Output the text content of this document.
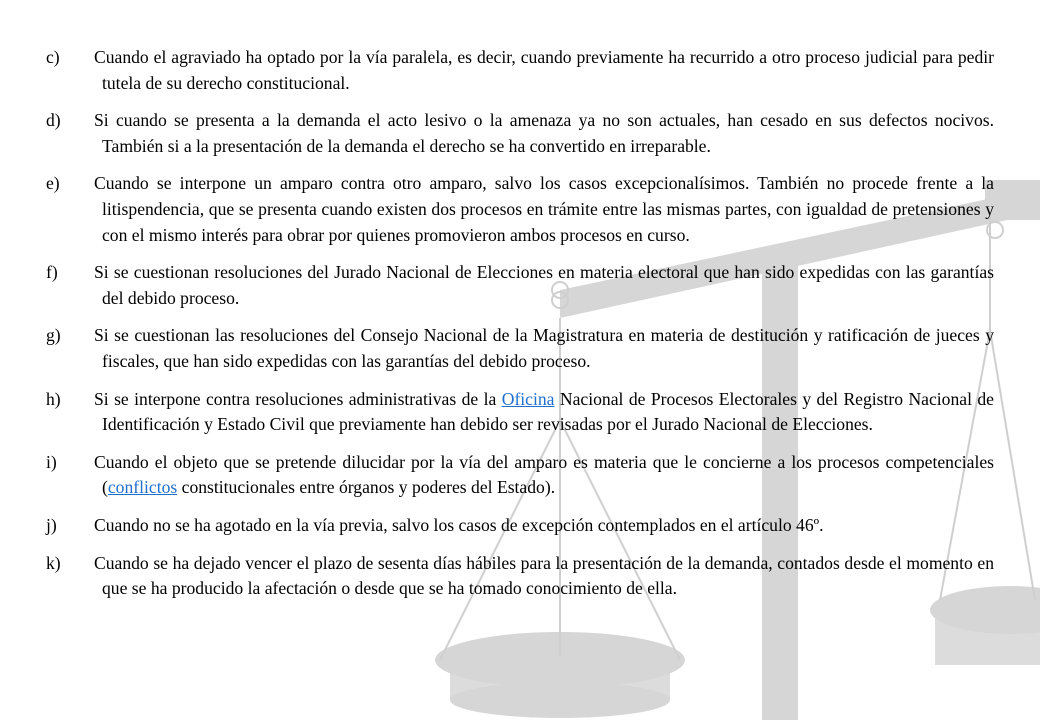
c) Cuando el agraviado ha optado por la vía paralela, es decir, cuando previamente ha recurrido a otro proceso judicial para pedir tutela de su derecho constitucional.
d) Si cuando se presenta a la demanda el acto lesivo o la amenaza ya no son actuales, han cesado en sus defectos nocivos. También si a la presentación de la demanda el derecho se ha convertido en irreparable.
e) Cuando se interpone un amparo contra otro amparo, salvo los casos excepcionalísimos. También no procede frente a la litispendencia, que se presenta cuando existen dos procesos en trámite entre las mismas partes, con igualdad de pretensiones y con el mismo interés para obrar por quienes promovieron ambos procesos en curso.
f) Si se cuestionan resoluciones del Jurado Nacional de Elecciones en materia electoral que han sido expedidas con las garantías del debido proceso.
g) Si se cuestionan las resoluciones del Consejo Nacional de la Magistratura en materia de destitución y ratificación de jueces y fiscales, que han sido expedidas con las garantías del debido proceso.
h) Si se interpone contra resoluciones administrativas de la Oficina Nacional de Procesos Electorales y del Registro Nacional de Identificación y Estado Civil que previamente han debido ser revisadas por el Jurado Nacional de Elecciones.
i) Cuando el objeto que se pretende dilucidar por la vía del amparo es materia que le concierne a los procesos competenciales (conflictos constitucionales entre órganos y poderes del Estado).
j) Cuando no se ha agotado en la vía previa, salvo los casos de excepción contemplados en el artículo 46º.
k) Cuando se ha dejado vencer el plazo de sesenta días hábiles para la presentación de la demanda, contados desde el momento en que se ha producido la afectación o desde que se ha tomado conocimiento de ella.
